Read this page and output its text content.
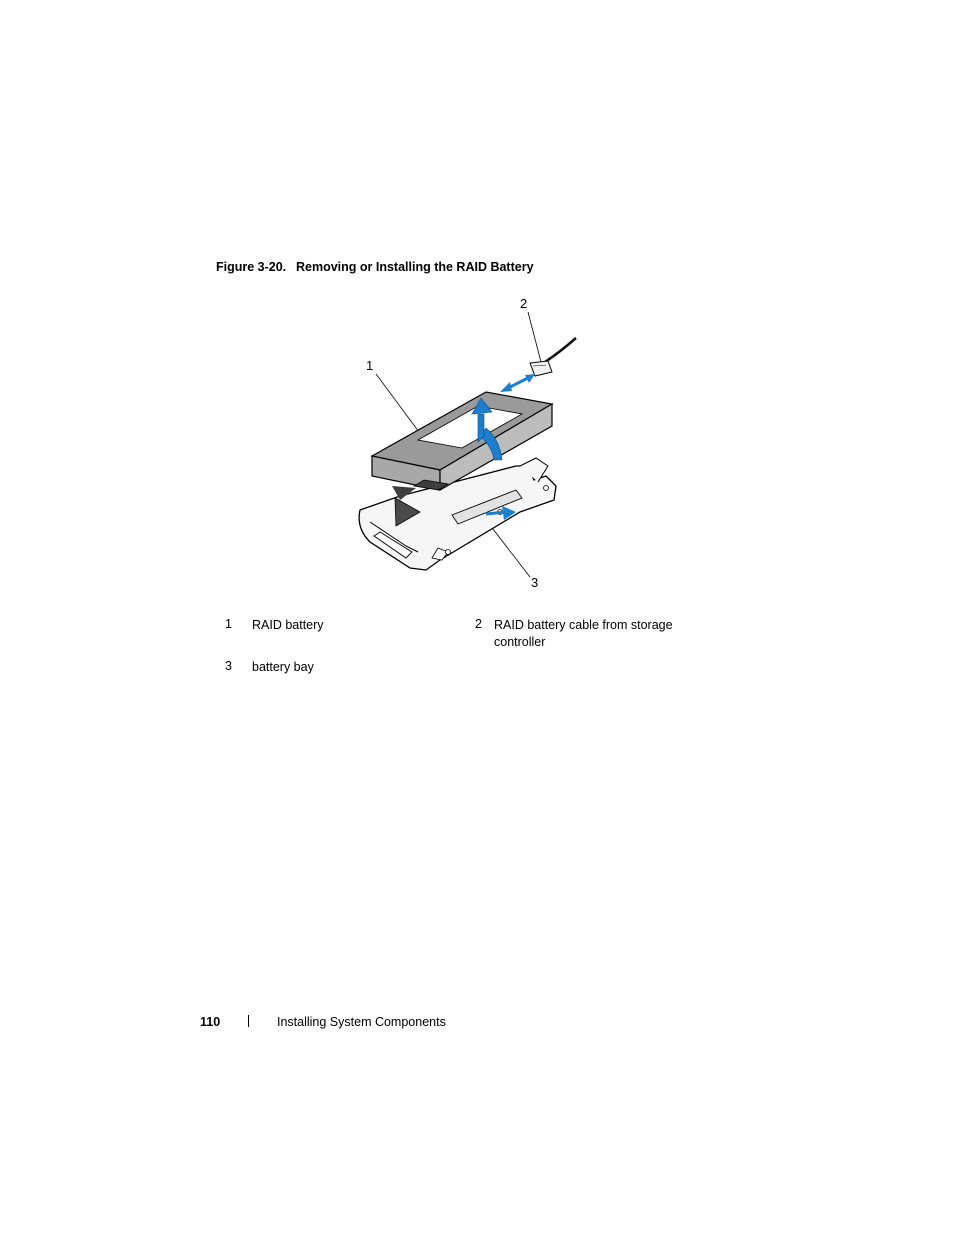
Figure 3-20. Removing or Installing the RAID Battery
2
1
3
1	RAID battery	2 RAID battery cable from storage controller
3	battery bay
110	Installing System Components
